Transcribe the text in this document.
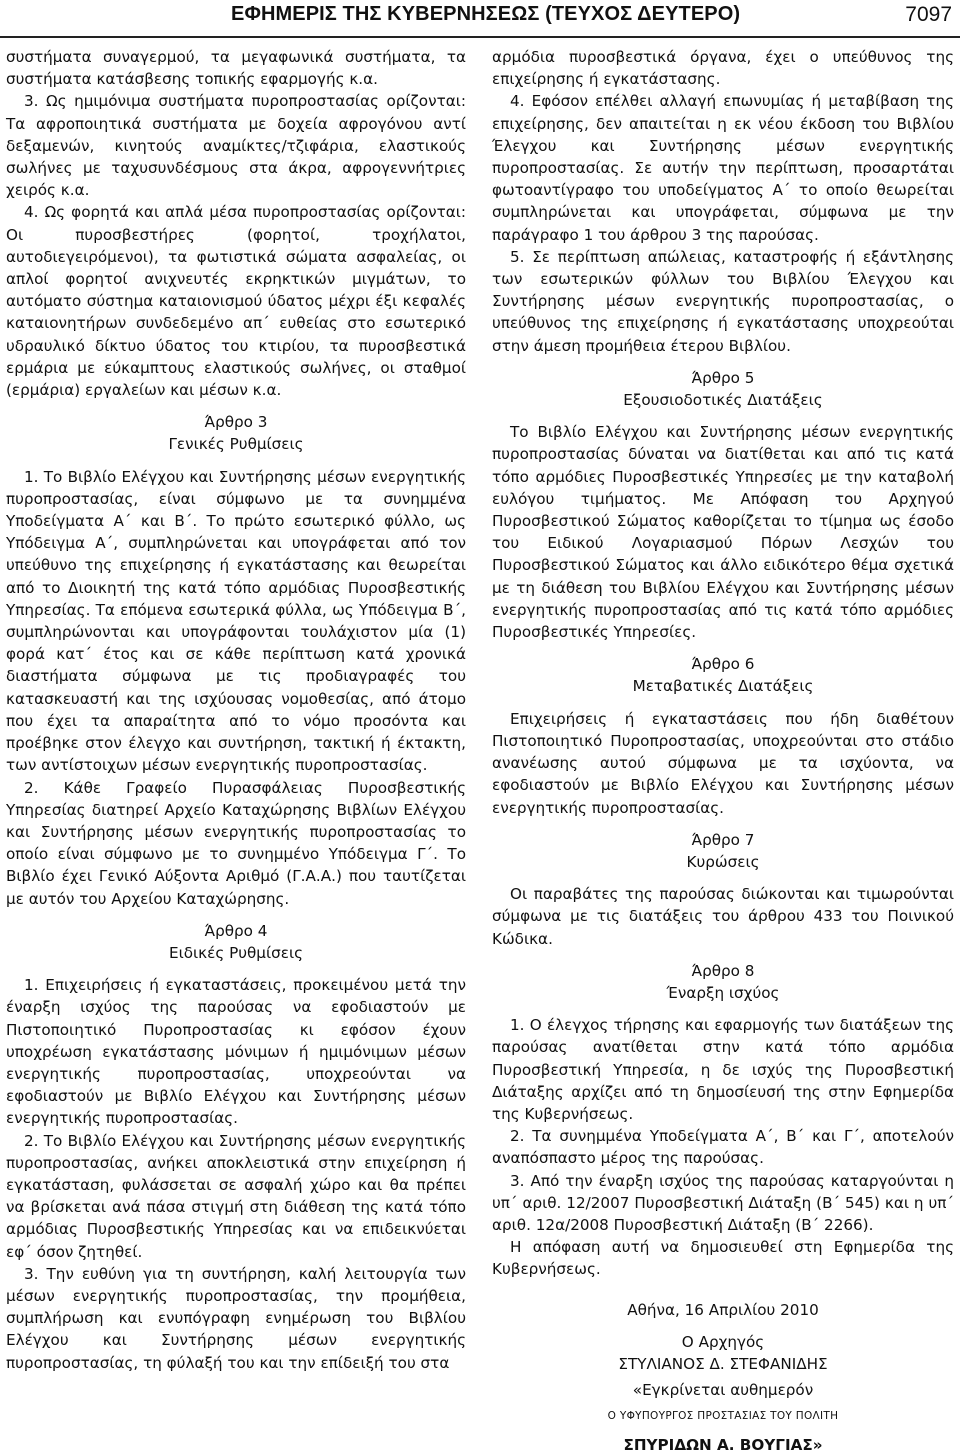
ΕΦΗΜΕΡΙΣ ΤΗΣ ΚΥΒΕΡΝΗΣΕΩΣ (ΤΕΥΧΟΣ ΔΕΥΤΕΡΟ)	7097

συστήματα συναγερμού, τα μεγαφωνικά συστήματα, τα συστήματα κατάσβεσης τοπικής εφαρμογής κ.α.

3. Ως ημιμόνιμα συστήματα πυροπροστασίας ορίζονται: Τα αφροποιητικά συστήματα με δοχεία αφρογόνου αντί δεξαμενών, κινητούς αναμίκτες/τζιφάρια, ελαστικούς σωλήνες με ταχυσυνδέσμους στα άκρα, αφρογεννήτριες χειρός κ.α.

4. Ως φορητά και απλά μέσα πυροπροστασίας ορίζονται: Οι πυροσβεστήρες (φορητοί, τροχήλατοι, αυτοδιεγειρόμενοι), τα φωτιστικά σώματα ασφαλείας, οι απλοί φορητοί ανιχνευτές εκρηκτικών μιγμάτων, το αυτόματο σύστημα καταιονισμού ύδατος μέχρι έξι κεφαλές καταιονητήρων συνδεδεμένο απ΄ ευθείας στο εσωτερικό υδραυλικό δίκτυο ύδατος του κτιρίου, τα πυροσβεστικά ερμάρια με εύκαμπτους ελαστικούς σωλήνες, οι σταθμοί (ερμάρια) εργαλείων και μέσων κ.α.

Άρθρο 3

Γενικές Ρυθμίσεις

1. Το Βιβλίο Ελέγχου και Συντήρησης μέσων ενεργητικής πυροπροστασίας, είναι σύμφωνο με τα συνημμένα Υποδείγματα Α΄ και Β΄. Το πρώτο εσωτερικό φύλλο, ως Υπόδειγμα Α΄, συμπληρώνεται και υπογράφεται από τον υπεύθυνο της επιχείρησης ή εγκατάστασης και θεωρείται από το Διοικητή της κατά τόπο αρμόδιας Πυροσβεστικής Υπηρεσίας. Τα επόμενα εσωτερικά φύλλα, ως Υπόδειγμα Β΄, συμπληρώνονται και υπογράφονται τουλάχιστον μία (1) φορά κατ΄ έτος και σε κάθε περίπτωση κατά χρονικά διαστήματα σύμφωνα με τις προδιαγραφές του κατασκευαστή και της ισχύουσας νομοθεσίας, από άτομο που έχει τα απαραίτητα από το νόμο προσόντα και προέβηκε στον έλεγχο και συντήρηση, τακτική ή έκτακτη, των αντίστοιχων μέσων ενεργητικής πυροπροστασίας.

2. Κάθε Γραφείο Πυρασφάλειας Πυροσβεστικής Υπηρεσίας διατηρεί Αρχείο Καταχώρησης Βιβλίων Ελέγχου και Συντήρησης μέσων ενεργητικής πυροπροστασίας το οποίο είναι σύμφωνο με το συνημμένο Υπόδειγμα Γ΄. Το Βιβλίο έχει Γενικό Αύξοντα Αριθμό (Γ.Α.Α.) που ταυτίζεται με αυτόν του Αρχείου Καταχώρησης.

Άρθρο 4

Ειδικές Ρυθμίσεις

1. Επιχειρήσεις ή εγκαταστάσεις, προκειμένου μετά την έναρξη ισχύος της παρούσας να εφοδιαστούν με Πιστοποιητικό Πυροπροστασίας κι εφόσον έχουν υποχρέωση εγκατάστασης μόνιμων ή ημιμόνιμων μέσων ενεργητικής πυροπροστασίας, υποχρεούνται να εφοδιαστούν με Βιβλίο Ελέγχου και Συντήρησης μέσων ενεργητικής πυροπροστασίας.

2. Το Βιβλίο Ελέγχου και Συντήρησης μέσων ενεργητικής πυροπροστασίας, ανήκει αποκλειστικά στην επιχείρηση ή εγκατάσταση, φυλάσσεται σε ασφαλή χώρο και θα πρέπει να βρίσκεται ανά πάσα στιγμή στη διάθεση της κατά τόπο αρμόδιας Πυροσβεστικής Υπηρεσίας και να επιδεικνύεται εφ΄ όσον ζητηθεί.

3. Την ευθύνη για τη συντήρηση, καλή λειτουργία των μέσων ενεργητικής πυροπροστασίας, την προμήθεια, συμπλήρωση και ενυπόγραφη ενημέρωση του Βιβλίου Ελέγχου και Συντήρησης μέσων ενεργητικής πυροπροστασίας, τη φύλαξή του και την επίδειξή του στα

αρμόδια πυροσβεστικά όργανα, έχει ο υπεύθυνος της επιχείρησης ή εγκατάστασης.

4. Εφόσον επέλθει αλλαγή επωνυμίας ή μεταβίβαση της επιχείρησης, δεν απαιτείται η εκ νέου έκδοση του Βιβλίου Έλεγχου και Συντήρησης μέσων ενεργητικής πυροπροστασίας. Σε αυτήν την περίπτωση, προσαρτάται φωτοαντίγραφο του υποδείγματος Α΄ το οποίο θεωρείται συμπληρώνεται και υπογράφεται, σύμφωνα με την παράγραφο 1 του άρθρου 3 της παρούσας.

5. Σε περίπτωση απώλειας, καταστροφής ή εξάντλησης των εσωτερικών φύλλων του Βιβλίου Έλεγχου και Συντήρησης μέσων ενεργητικής πυροπροστασίας, ο υπεύθυνος της επιχείρησης ή εγκατάστασης υποχρεούται στην άμεση προμήθεια έτερου Βιβλίου.

Άρθρο 5

Εξουσιοδοτικές Διατάξεις

Το Βιβλίο Ελέγχου και Συντήρησης μέσων ενεργητικής πυροπροστασίας δύναται να διατίθεται και από τις κατά τόπο αρμόδιες Πυροσβεστικές Υπηρεσίες με την καταβολή ευλόγου τιμήματος. Με Απόφαση του Αρχηγού Πυροσβεστικού Σώματος καθορίζεται το τίμημα ως έσοδο του Ειδικού Λογαριασμού Πόρων Λεσχών του Πυροσβεστικού Σώματος και άλλο ειδικότερο θέμα σχετικά με τη διάθεση του Βιβλίου Ελέγχου και Συντήρησης μέσων ενεργητικής πυροπροστασίας από τις κατά τόπο αρμόδιες Πυροσβεστικές Υπηρεσίες.

Άρθρο 6

Μεταβατικές Διατάξεις

Επιχειρήσεις ή εγκαταστάσεις που ήδη διαθέτουν Πιστοποιητικό Πυροπροστασίας, υποχρεούνται στο στάδιο ανανέωσης αυτού σύμφωνα με τα ισχύοντα, να εφοδιαστούν με Βιβλίο Ελέγχου και Συντήρησης μέσων ενεργητικής πυροπροστασίας.

Άρθρο 7

Κυρώσεις

Οι παραβάτες της παρούσας διώκονται και τιμωρούνται σύμφωνα με τις διατάξεις του άρθρου 433 του Ποινικού Κώδικα.

Άρθρο 8

Έναρξη ισχύος

1. Ο έλεγχος τήρησης και εφαρμογής των διατάξεων της παρούσας ανατίθεται στην κατά τόπο αρμόδια Πυροσβεστική Υπηρεσία, η δε ισχύς της Πυροσβεστική Διάταξης αρχίζει από τη δημοσίευσή της στην Εφημερίδα της Κυβερνήσεως.

2. Τα συνημμένα Υποδείγματα Α΄, Β΄ και Γ΄, αποτελούν αναπόσπαστο μέρος της παρούσας.

3. Από την έναρξη ισχύος της παρούσας καταργούνται η υπ΄ αριθ. 12/2007 Πυροσβεστική Διάταξη (Β΄ 545) και η υπ΄ αριθ. 12α/2008 Πυροσβεστική Διάταξη (Β΄ 2266).

Η απόφαση αυτή να δημοσιευθεί στη Εφημερίδα της Κυβερνήσεως.

Αθήνα, 16 Απριλίου 2010

Ο Αρχηγός

ΣΤΥΛΙΑΝΟΣ Δ. ΣΤΕΦΑΝΙΔΗΣ

«Εγκρίνεται αυθημερόν

Ο ΥΦΥΠΟΥΡΓΟΣ ΠΡΟΣΤΑΣΙΑΣ ΤΟΥ ΠΟΛΙΤΗ

ΣΠΥΡΙΔΩΝ Α. ΒΟΥΓΙΑΣ»
